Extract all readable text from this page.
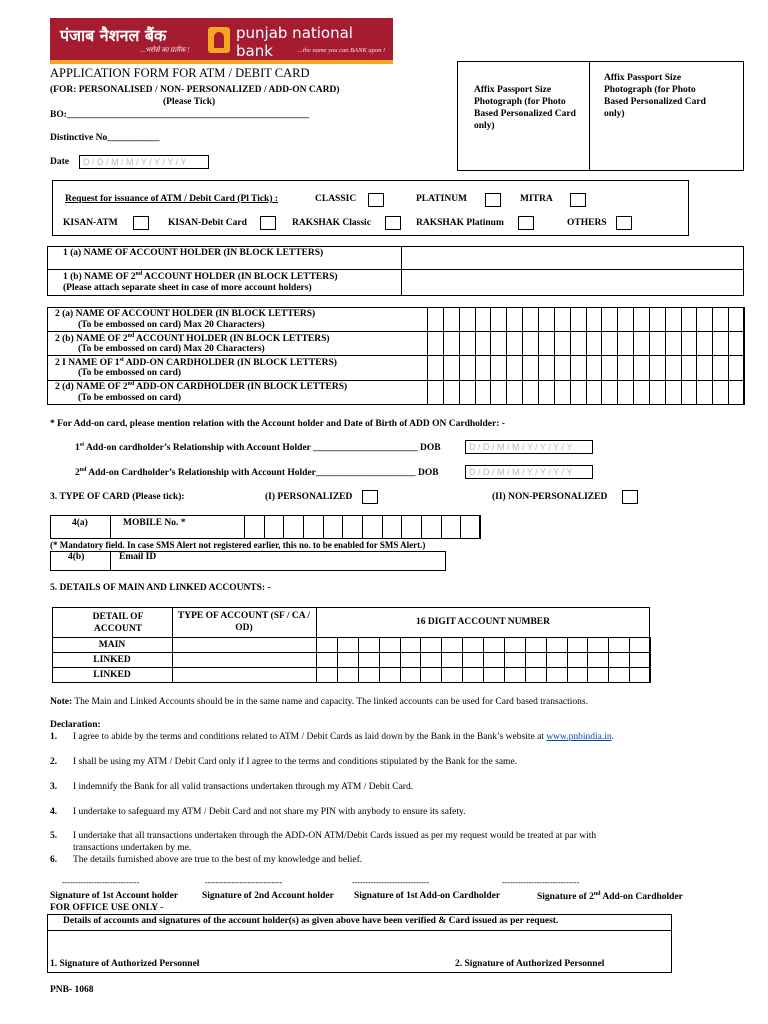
पंजाब नैशनल बैंक
...भरोसे का प्रतीक !
punjab national bank	...the name you can BANK upon !
APPLICATION FORM FOR ATM / DEBIT CARD
(FOR: PERSONALISED / NON- PERSONALIZED / ADD-ON CARD)
(Please Tick)
BO:___________________________________________________
Distinctive No___________
Date	D / D / M / M / Y / Y / Y / Y
Affix Passport Size Photograph (for Photo Based Personalized Card only)
Affix Passport Size Photograph (for Photo Based Personalized Card only)
Request for issuance of ATM / Debit Card (Pl Tick) :	CLASSIC	PLATINUM	MITRA
KISAN-ATM	KISAN-Debit Card	RAKSHAK Classic	RAKSHAK Platinum	OTHERS
1 (a) NAME OF ACCOUNT HOLDER (IN BLOCK LETTERS)
1 (b) NAME OF 2nd ACCOUNT HOLDER (IN BLOCK LETTERS)
(Please attach separate sheet in case of more account holders)
2 (a) NAME OF ACCOUNT HOLDER (IN BLOCK LETTERS)
(To be embossed on card) Max 20 Characters)
2 (b) NAME OF 2nd ACCOUNT HOLDER (IN BLOCK LETTERS)
(To be embossed on card) Max 20 Characters)
2 I NAME OF 1st ADD-ON CARDHOLDER (IN BLOCK LETTERS)
(To be embossed on card)
2 (d) NAME OF 2nd ADD-ON CARDHOLDER (IN BLOCK LETTERS)
(To be embossed on card)
* For Add-on card, please mention relation with the Account holder and Date of Birth of ADD ON Cardholder: -
1st Add-on cardholder’s Relationship with Account Holder ______________________ DOB	D / D / M / M / Y / Y / Y / Y
2nd Add-on Cardholder’s Relationship with Account Holder_____________________ DOB	D / D / M / M / Y / Y / Y / Y
3. TYPE OF CARD (Please tick):	(I) PERSONALIZED	(II) NON-PERSONALIZED
4(a)	MOBILE No. *
(* Mandatory field. In case SMS Alert not registered earlier, this no. to be enabled for SMS Alert.)
4(b)	Email ID
5. DETAILS OF MAIN AND LINKED ACCOUNTS: -
DETAIL OF ACCOUNT
TYPE OF ACCOUNT (SF / CA / OD)
16 DIGIT ACCOUNT NUMBER
MAIN
LINKED
LINKED
Note: The Main and Linked Accounts should be in the same name and capacity. The linked accounts can be used for Card based transactions.
Declaration:
1. I agree to abide by the terms and conditions related to ATM / Debit Cards as laid down by the Bank in the Bank’s website at www.pnbindia.in.
2. I shall be using my ATM / Debit Card only if I agree to the terms and conditions stipulated by the Bank for the same.
3. I indemnify the Bank for all valid transactions undertaken through my ATM / Debit Card.
4. I undertake to safeguard my ATM / Debit Card and not share my PIN with anybody to ensure its safety.
5. I undertake that all transactions undertaken through the ADD-ON ATM/Debit Cards issued as per my request would be treated at par with
transactions undertaken by me.
6. The details furnished above are true to the best of my knowledge and belief.
-----------------------------	-----------------------------	-----------------------------	-----------------------------
Signature of 1st Account holder	Signature of 2nd Account holder Signature of 1st Add-on Cardholder	Signature of 2nd Add-on Cardholder
FOR OFFICE USE ONLY -
Details of accounts and signatures of the account holder(s) as given above have been verified & Card issued as per request.
1. Signature of Authorized Personnel	2. Signature of Authorized Personnel
PNB- 1068
